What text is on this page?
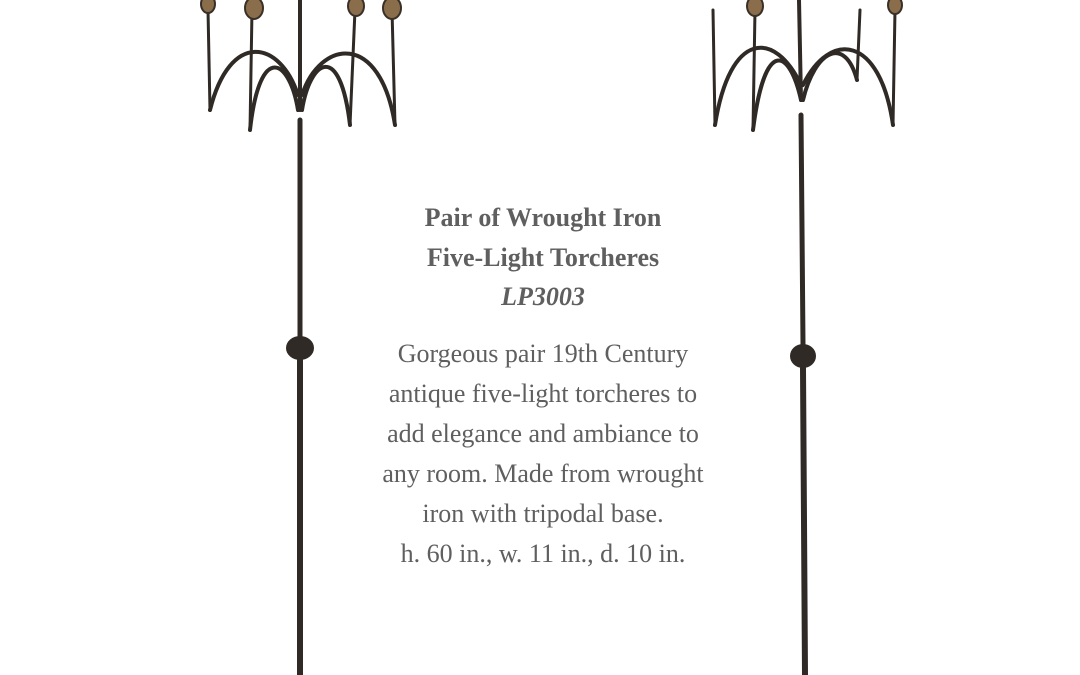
Pair of Wrought Iron

Five-Light Torcheres

LP3003

Gorgeous pair 19th Century antique five-light torcheres to add elegance and ambiance to any room. Made from wrought iron with tripodal base.

h. 60 in., w. 11 in., d. 10 in.
